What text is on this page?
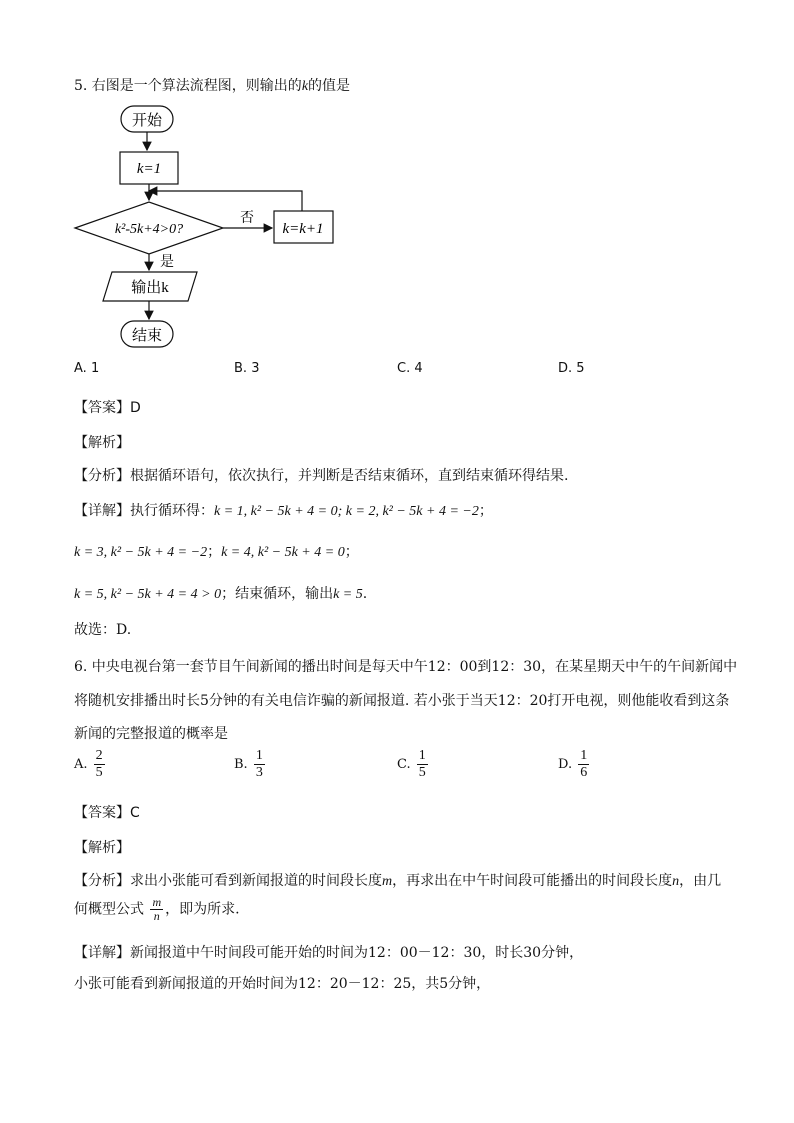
5. 右图是一个算法流程图，则输出的k的值是
开始
k=1
k²-5k+4>0?
否
k=k+1
是
输出k
结束
A. 1	B. 3	C. 4	D. 5
【答案】D
【解析】
【分析】根据循环语句，依次执行，并判断是否结束循环，直到结束循环得结果.
【详解】执行循环得：k = 1, k² − 5k + 4 = 0; k = 2, k² − 5k + 4 = −2；
k = 3, k² − 5k + 4 = −2；k = 4, k² − 5k + 4 = 0；
k = 5, k² − 5k + 4 = 4 > 0；结束循环，输出k = 5.
故选：D.
6. 中央电视台第一套节目午间新闻的播出时间是每天中午12：00到12：30，在某星期天中午的午间新闻中
将随机安排播出时长5分钟的有关电信诈骗的新闻报道. 若小张于当天12：20打开电视，则他能收看到这条
新闻的完整报道的概率是
A. $\frac{2}{5}$	B. $\frac{1}{3}$	C. $\frac{1}{5}$	D. $\frac{1}{6}$
【答案】C
【解析】
【分析】求出小张能可看到新闻报道的时间段长度m，再求出在中午时间段可能播出的时间段长度n，由几
何概型公式 $\frac{m}{n}$ ，即为所求.
【详解】新闻报道中午时间段可能开始的时间为12：00－12：30，时长30分钟，
小张可能看到新闻报道的开始时间为12：20－12：25，共5分钟，
